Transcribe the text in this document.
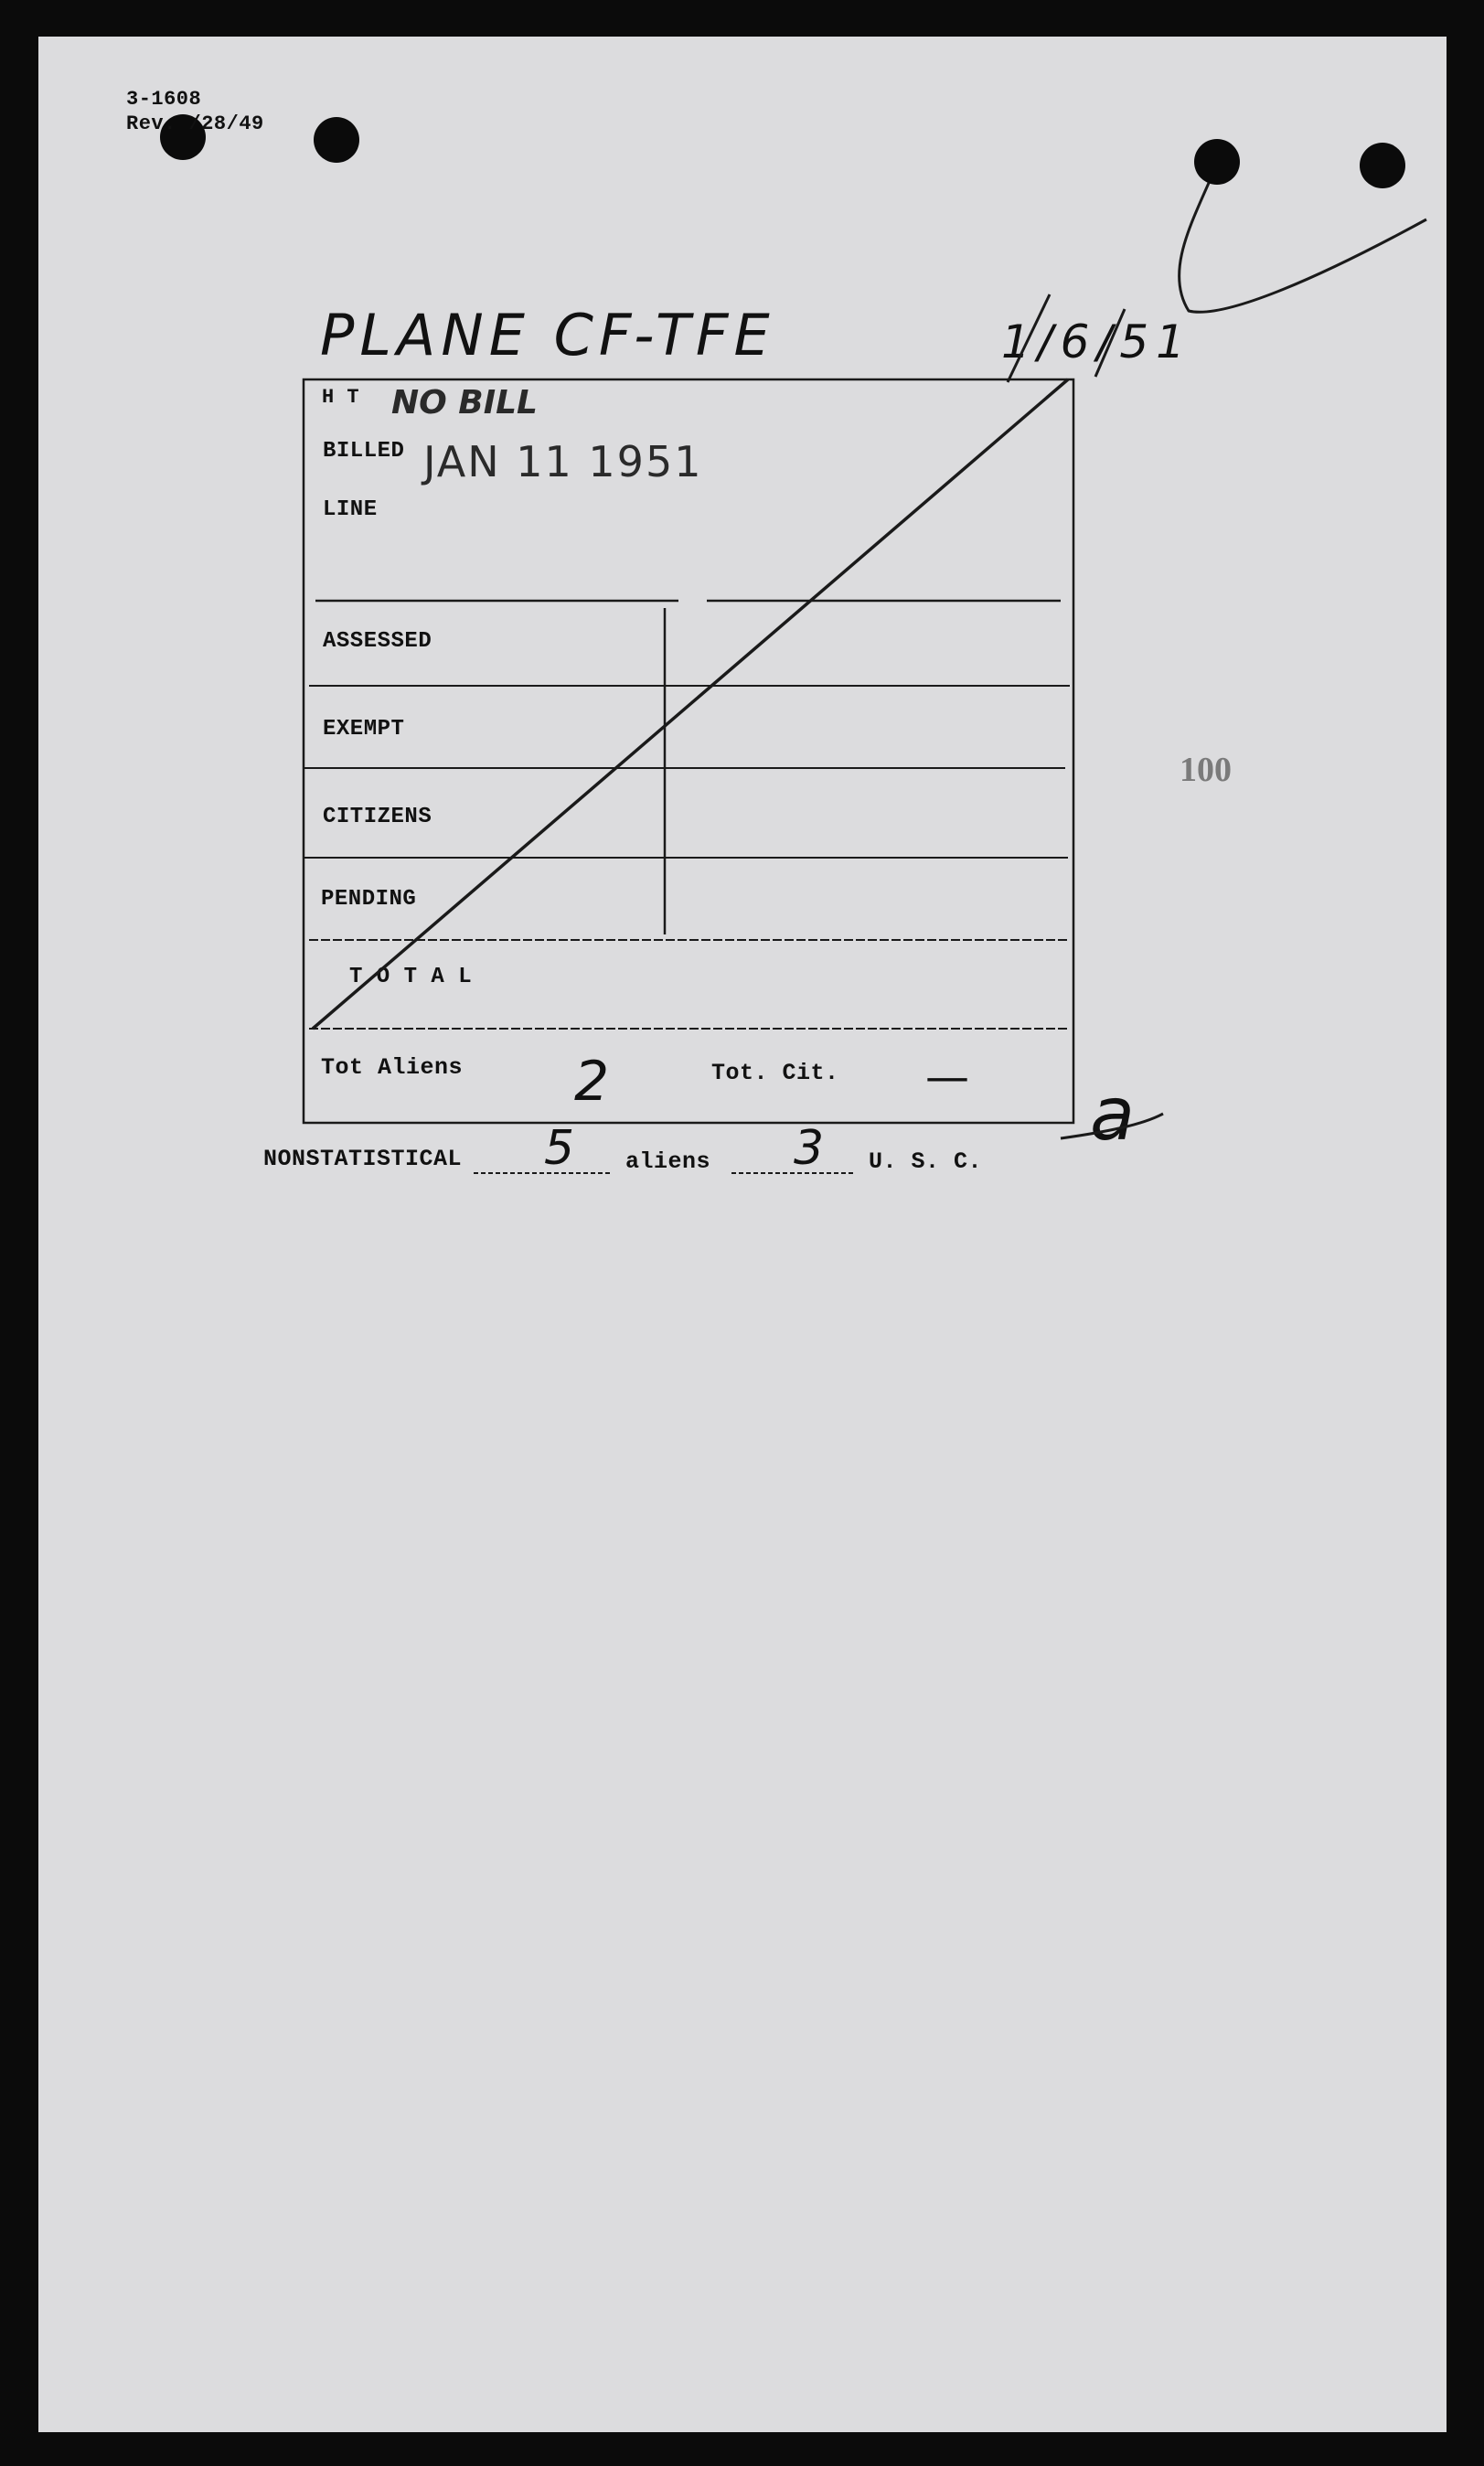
3-1608
Rev. /28/49
PLANE CF-TFE	1/6/51
H T NO BILL
BILLED JAN 11 1951
LINE
ASSESSED
EXEMPT
CITIZENS
PENDING
T O T A L
Tot Aliens 2	Tot. Cit. —
100
NONSTATISTICAL 5 aliens 3 U. S. C.
a
